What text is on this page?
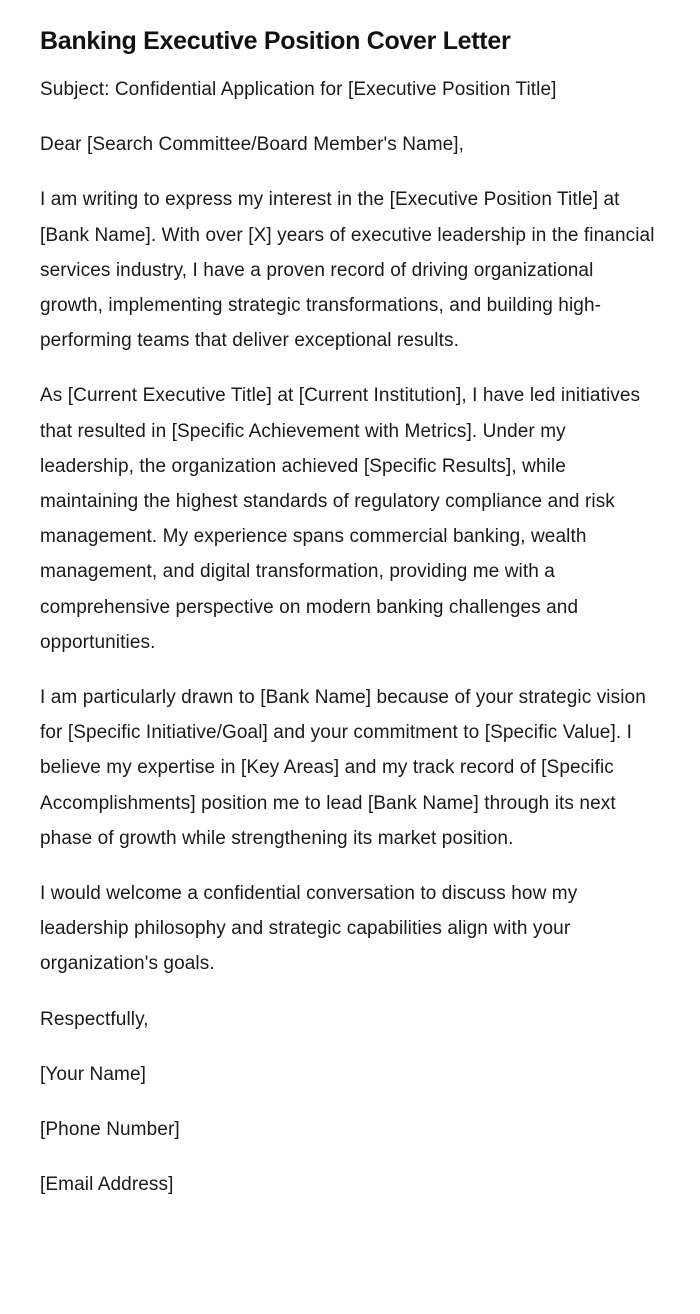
Banking Executive Position Cover Letter

Subject: Confidential Application for [Executive Position Title]

Dear [Search Committee/Board Member's Name],

I am writing to express my interest in the [Executive Position Title] at [Bank Name]. With over [X] years of executive leadership in the financial services industry, I have a proven record of driving organizational growth, implementing strategic transformations, and building high-performing teams that deliver exceptional results.

As [Current Executive Title] at [Current Institution], I have led initiatives that resulted in [Specific Achievement with Metrics]. Under my leadership, the organization achieved [Specific Results], while maintaining the highest standards of regulatory compliance and risk management. My experience spans commercial banking, wealth management, and digital transformation, providing me with a comprehensive perspective on modern banking challenges and opportunities.

I am particularly drawn to [Bank Name] because of your strategic vision for [Specific Initiative/Goal] and your commitment to [Specific Value]. I believe my expertise in [Key Areas] and my track record of [Specific Accomplishments] position me to lead [Bank Name] through its next phase of growth while strengthening its market position.

I would welcome a confidential conversation to discuss how my leadership philosophy and strategic capabilities align with your organization's goals.

Respectfully,

[Your Name]

[Phone Number]

[Email Address]
